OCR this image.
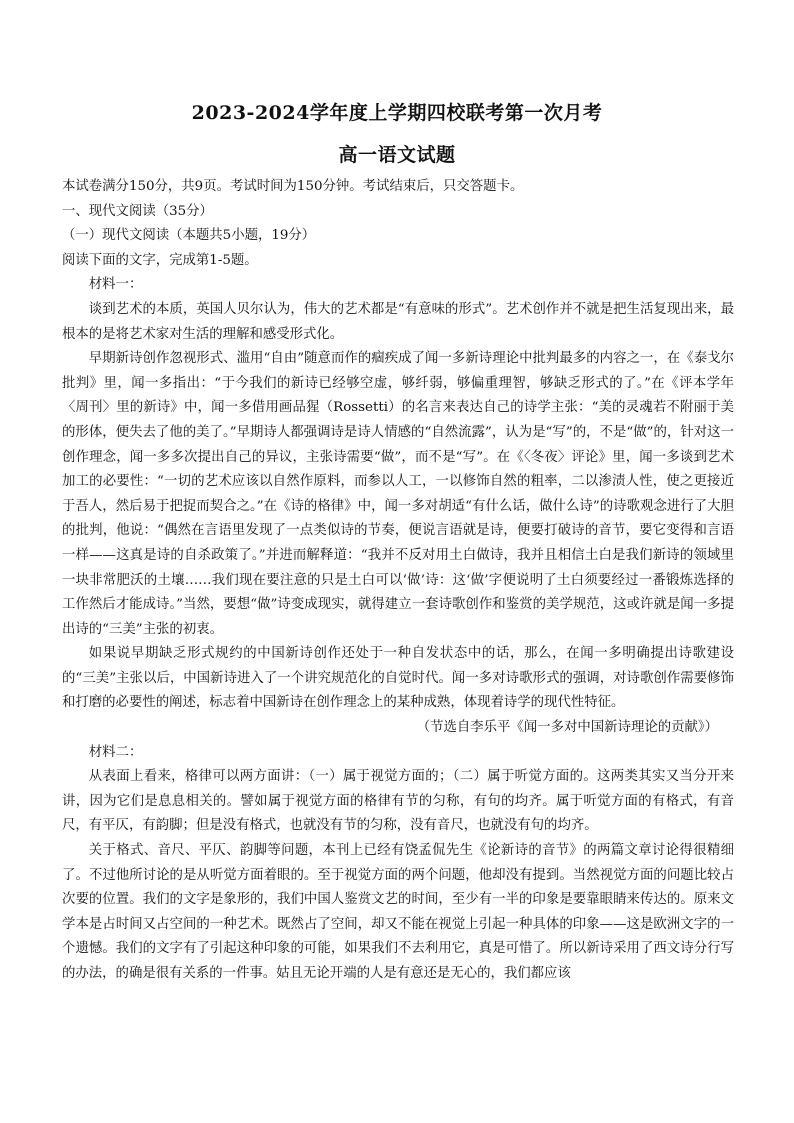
2023-2024学年度上学期四校联考第一次月考
高一语文试题

本试卷满分150分，共9页。考试时间为150分钟。考试结束后，只交答题卡。

一、现代文阅读（35分）

（一）现代文阅读（本题共5小题，19分）

阅读下面的文字，完成第1-5题。

材料一：

谈到艺术的本质，英国人贝尔认为，伟大的艺术都是“有意味的形式”。艺术创作并不就是把生活复现出来，最根本的是将艺术家对生活的理解和感受形式化。

早期新诗创作忽视形式、滥用“自由”随意而作的痼疾成了闻一多新诗理论中批判最多的内容之一，在《泰戈尔批判》里，闻一多指出：“于今我们的新诗已经够空虚，够纤弱，够偏重理智，够缺乏形式的了。”在《评本学年〈周刊〉里的新诗》中，闻一多借用画品猩（Rossetti）的名言来表达自己的诗学主张：“美的灵魂若不附丽于美的形体，便失去了他的美了。”早期诗人都强调诗是诗人情感的“自然流露”，认为是“写”的，不是“做”的，针对这一创作理念，闻一多多次提出自己的异议，主张诗需要“做”，而不是“写”。在《〈冬夜〉评论》里，闻一多谈到艺术加工的必要性：“一切的艺术应该以自然作原料，而参以人工，一以修饰自然的粗率，二以渗渍人性，使之更接近于吾人，然后易于把捉而契合之。”在《诗的格律》中，闻一多对胡适“有什么话，做什么诗”的诗歌观念进行了大胆的批判，他说：“偶然在言语里发现了一点类似诗的节奏，便说言语就是诗，便要打破诗的音节，要它变得和言语一样——这真是诗的自杀政策了。”并进而解释道：“我并不反对用土白做诗，我并且相信土白是我们新诗的领域里一块非常肥沃的土壤……我们现在要注意的只是土白可以‘做’诗：这‘做’字便说明了土白须要经过一番锻炼选择的工作然后才能成诗。”当然，要想“做”诗变成现实，就得建立一套诗歌创作和鉴赏的美学规范，这或许就是闻一多提出诗的“三美”主张的初衷。

如果说早期缺乏形式规约的中国新诗创作还处于一种自发状态中的话，那么，在闻一多明确提出诗歌建设的“三美”主张以后，中国新诗进入了一个讲究规范化的自觉时代。闻一多对诗歌形式的强调，对诗歌创作需要修饰和打磨的必要性的阐述，标志着中国新诗在创作理念上的某种成熟，体现着诗学的现代性特征。

（节选自李乐平《闻一多对中国新诗理论的贡献》）

材料二：

从表面上看来，格律可以两方面讲：（一）属于视觉方面的；（二）属于听觉方面的。这两类其实又当分开来讲，因为它们是息息相关的。譬如属于视觉方面的格律有节的匀称，有句的均齐。属于听觉方面的有格式，有音尺，有平仄，有韵脚；但是没有格式，也就没有节的匀称，没有音尺，也就没有句的均齐。

关于格式、音尺、平仄、韵脚等问题，本刊上已经有饶孟侃先生《论新诗的音节》的两篇文章讨论得很精细了。不过他所讨论的是从听觉方面着眼的。至于视觉方面的两个问题，他却没有提到。当然视觉方面的问题比较占次要的位置。我们的文字是象形的，我们中国人鉴赏文艺的时间，至少有一半的印象是要靠眼睛来传达的。原来文学本是占时间又占空间的一种艺术。既然占了空间，却又不能在视觉上引起一种具体的印象——这是欧洲文字的一个遗憾。我们的文字有了引起这种印象的可能，如果我们不去利用它，真是可惜了。所以新诗采用了西文诗分行写的办法，的确是很有关系的一件事。姑且无论开端的人是有意还是无心的，我们都应该
